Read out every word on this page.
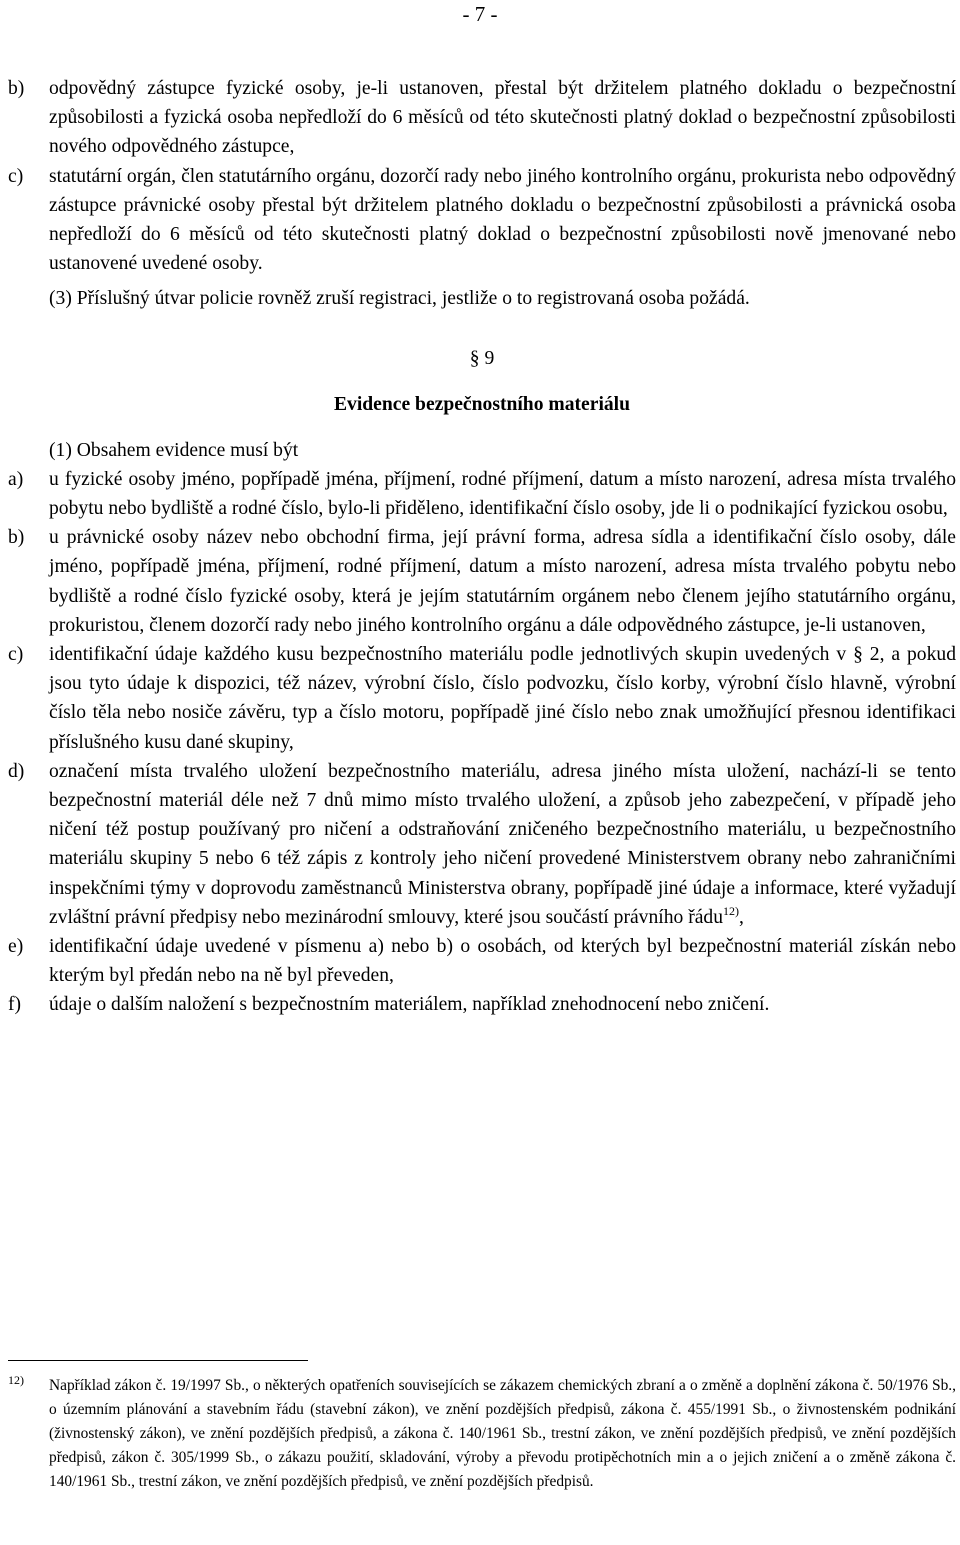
- 7 -
b) odpovědný zástupce fyzické osoby, je-li ustanoven, přestal být držitelem platného dokladu o bezpečnostní způsobilosti a fyzická osoba nepředloží do 6 měsíců od této skutečnosti platný doklad o bezpečnostní způsobilosti nového odpovědného zástupce,
c) statutární orgán, člen statutárního orgánu, dozorčí rady nebo jiného kontrolního orgánu, prokurista nebo odpovědný zástupce právnické osoby přestal být držitelem platného dokladu o bezpečnostní způsobilosti a právnická osoba nepředloží do 6 měsíců od této skutečnosti platný doklad o bezpečnostní způsobilosti nově jmenované nebo ustanovené uvedené osoby.
(3) Příslušný útvar policie rovněž zruší registraci, jestliže o to registrovaná osoba požádá.
§ 9
Evidence bezpečnostního materiálu
(1) Obsahem evidence musí být
a) u fyzické osoby jméno, popřípadě jména, příjmení, rodné příjmení, datum a místo narození, adresa místa trvalého pobytu nebo bydliště a rodné číslo, bylo-li přiděleno, identifikační číslo osoby, jde li o podnikající fyzickou osobu,
b) u právnické osoby název nebo obchodní firma, její právní forma, adresa sídla a identifikační číslo osoby, dále jméno, popřípadě jména, příjmení, rodné příjmení, datum a místo narození, adresa místa trvalého pobytu nebo bydliště a rodné číslo fyzické osoby, která je jejím statutárním orgánem nebo členem jejího statutárního orgánu, prokuristou, členem dozorčí rady nebo jiného kontrolního orgánu a dále odpovědného zástupce, je-li ustanoven,
c) identifikační údaje každého kusu bezpečnostního materiálu podle jednotlivých skupin uvedených v § 2, a pokud jsou tyto údaje k dispozici, též název, výrobní číslo, číslo podvozku, číslo korby, výrobní číslo hlavně, výrobní číslo těla nebo nosiče závěru, typ a číslo motoru, popřípadě jiné číslo nebo znak umožňující přesnou identifikaci příslušného kusu dané skupiny,
d) označení místa trvalého uložení bezpečnostního materiálu, adresa jiného místa uložení, nachází-li se tento bezpečnostní materiál déle než 7 dnů mimo místo trvalého uložení, a způsob jeho zabezpečení, v případě jeho ničení též postup používaný pro ničení a odstraňování zničeného bezpečnostního materiálu, u bezpečnostního materiálu skupiny 5 nebo 6 též zápis z kontroly jeho ničení provedené Ministerstvem obrany nebo zahraničními inspekčními týmy v doprovodu zaměstnanců Ministerstva obrany, popřípadě jiné údaje a informace, které vyžadují zvláštní právní předpisy nebo mezinárodní smlouvy, které jsou součástí právního řádu$^{12)}$,
e) identifikační údaje uvedené v písmenu a) nebo b) o osobách, od kterých byl bezpečnostní materiál získán nebo kterým byl předán nebo na ně byl převeden,
f) údaje o dalším naložení s bezpečnostním materiálem, například znehodnocení nebo zničení.
12)	Například zákon č. 19/1997 Sb., o některých opatřeních souvisejících se zákazem chemických zbraní a o změně a doplnění zákona č. 50/1976 Sb., o územním plánování a stavebním řádu (stavební zákon), ve znění pozdějších předpisů, zákona č. 455/1991 Sb., o živnostenském podnikání (živnostenský zákon), ve znění pozdějších předpisů, a zákona č. 140/1961 Sb., trestní zákon, ve znění pozdějších předpisů, ve znění pozdějších předpisů, zákon č. 305/1999 Sb., o zákazu použití, skladování, výroby a převodu protipěchotních min a o jejich zničení a o změně zákona č. 140/1961 Sb., trestní zákon, ve znění pozdějších předpisů, ve znění pozdějších předpisů.
